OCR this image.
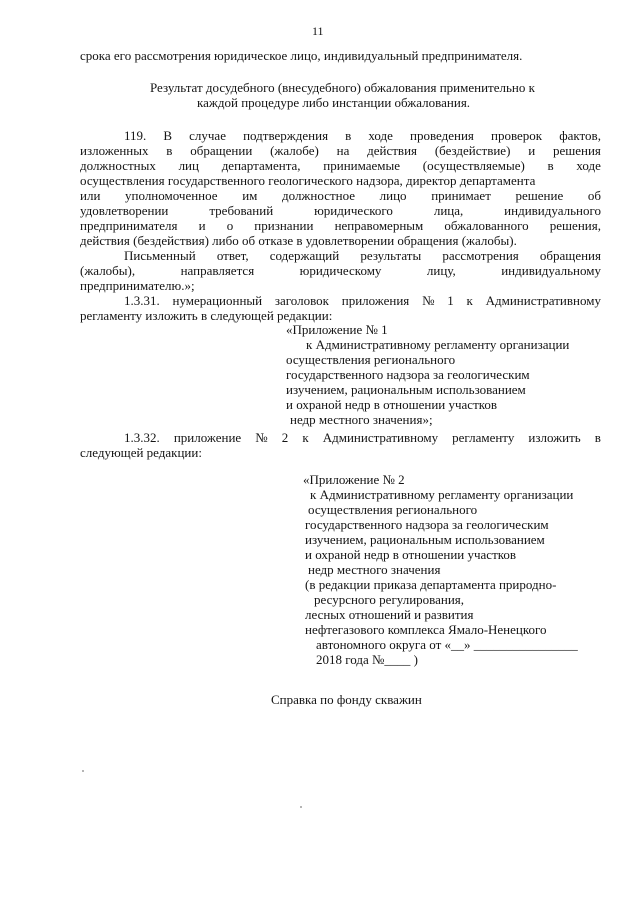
11
срока его рассмотрения юридическое лицо, индивидуальный предпринимателя.
Результат досудебного (внесудебного) обжалования применительно к
каждой процедуре либо инстанции обжалования.
119. В случае подтверждения в ходе проведения проверок фактов,
изложенных в обращении (жалобе) на действия (бездействие) и решения
должностных лиц департамента, принимаемые (осуществляемые) в ходе
осуществления государственного геологического надзора, директор департамента
или уполномоченное им должностное лицо принимает решение об
удовлетворении	требований	юридического	лица,	индивидуального
предпринимателя и о признании неправомерным обжалованного решения,
действия (бездействия) либо об отказе в удовлетворении обращения (жалобы).
Письменный ответ, содержащий результаты рассмотрения обращения
(жалобы),	направляется	юридическому	лицу,	индивидуальному
предпринимателю.»;
1.3.31. нумерационный заголовок приложения № 1 к Административному
регламенту изложить в следующей редакции:
«Приложение № 1
к Административному регламенту организации
осуществления регионального
государственного надзора за геологическим
изучением, рациональным использованием
и охраной недр в отношении участков
недр местного значения»;
1.3.32. приложение № 2 к Административному регламенту изложить в
следующей редакции:
«Приложение № 2
к Административному регламенту организации
осуществления регионального
государственного надзора за геологическим
изучением, рациональным использованием
и охраной недр в отношении участков
недр местного значения
(в редакции приказа департамента природно-
ресурсного регулирования,
лесных отношений и развития
нефтегазового комплекса Ямало-Ненецкого
автономного округа от «__» ________________
2018 года №____ )
Справка по фонду скважин
